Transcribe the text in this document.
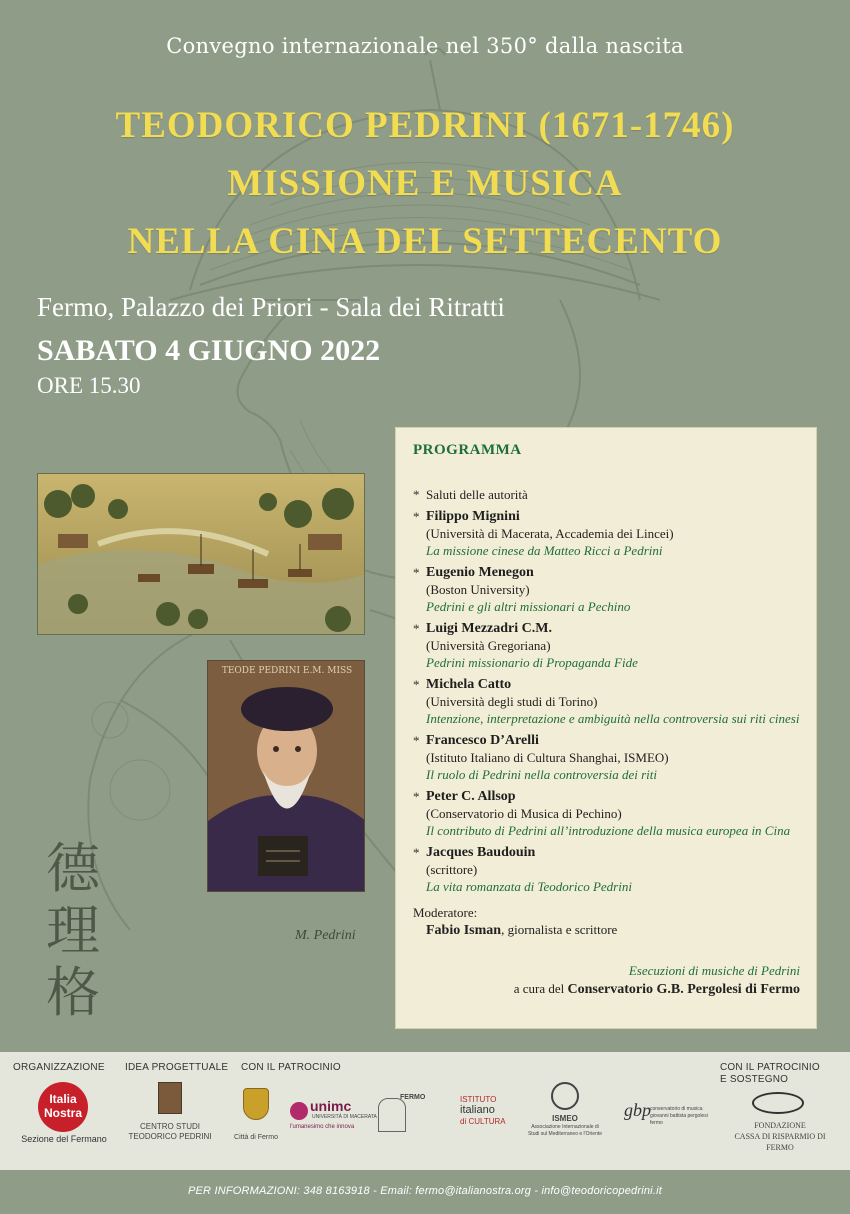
Convegno internazionale nel 350° dalla nascita
TEODORICO PEDRINI (1671-1746)
MISSIONE E MUSICA
NELLA CINA DEL SETTECENTO
Fermo, Palazzo dei Priori - Sala dei Ritratti
SABATO 4 GIUGNO 2022
ORE 15.30
TEODE PEDRINI E.M. MISS
M. Pedrini
德
理
格
PROGRAMMA
* Saluti delle autorità
* Filippo Mignini
(Università di Macerata, Accademia dei Lincei)
La missione cinese da Matteo Ricci a Pedrini
* Eugenio Menegon
(Boston University)
Pedrini e gli altri missionari a Pechino
* Luigi Mezzadri C.M.
(Università Gregoriana)
Pedrini missionario di Propaganda Fide
* Michela Catto
(Università degli studi di Torino)
Intenzione, interpretazione e ambiguità nella controversia sui riti cinesi
* Francesco D’Arelli
(Istituto Italiano di Cultura Shanghai, ISMEO)
Il ruolo di Pedrini nella controversia dei riti
* Peter C. Allsop
(Conservatorio di Musica di Pechino)
Il contributo di Pedrini all’introduzione della musica europea in Cina
* Jacques Baudouin
(scrittore)
La vita romanzata di Teodorico Pedrini
Moderatore:
Fabio Isman, giornalista e scrittore
Esecuzioni di musiche di Pedrini
a cura del Conservatorio G.B. Pergolesi di Fermo
ORGANIZZAZIONE IDEA PROGETTUALE CON IL PATROCINIO	CON IL PATROCINIO
E SOSTEGNO
Italia
Nostra
Sezione del Fermano
CENTRO STUDI
TEODORICO PEDRINI	Città di Fermo
unimc
UNIVERSITÀ DI MACERATA
l'umanesimo che innova
FERMO	ISTITUTO
italiano
di CULTURA	ISMEO
Associazione Internazionale di
Studi sul Mediterraneo e l'Oriente
gbp conservatorio di musica giovanni battista pergolesi fermo	FONDAZIONE
CASSA DI RISPARMIO DI FERMO
PER INFORMAZIONI: 348 8163918 - Email: fermo@italianostra.org - info@teodoricopedrini.it
